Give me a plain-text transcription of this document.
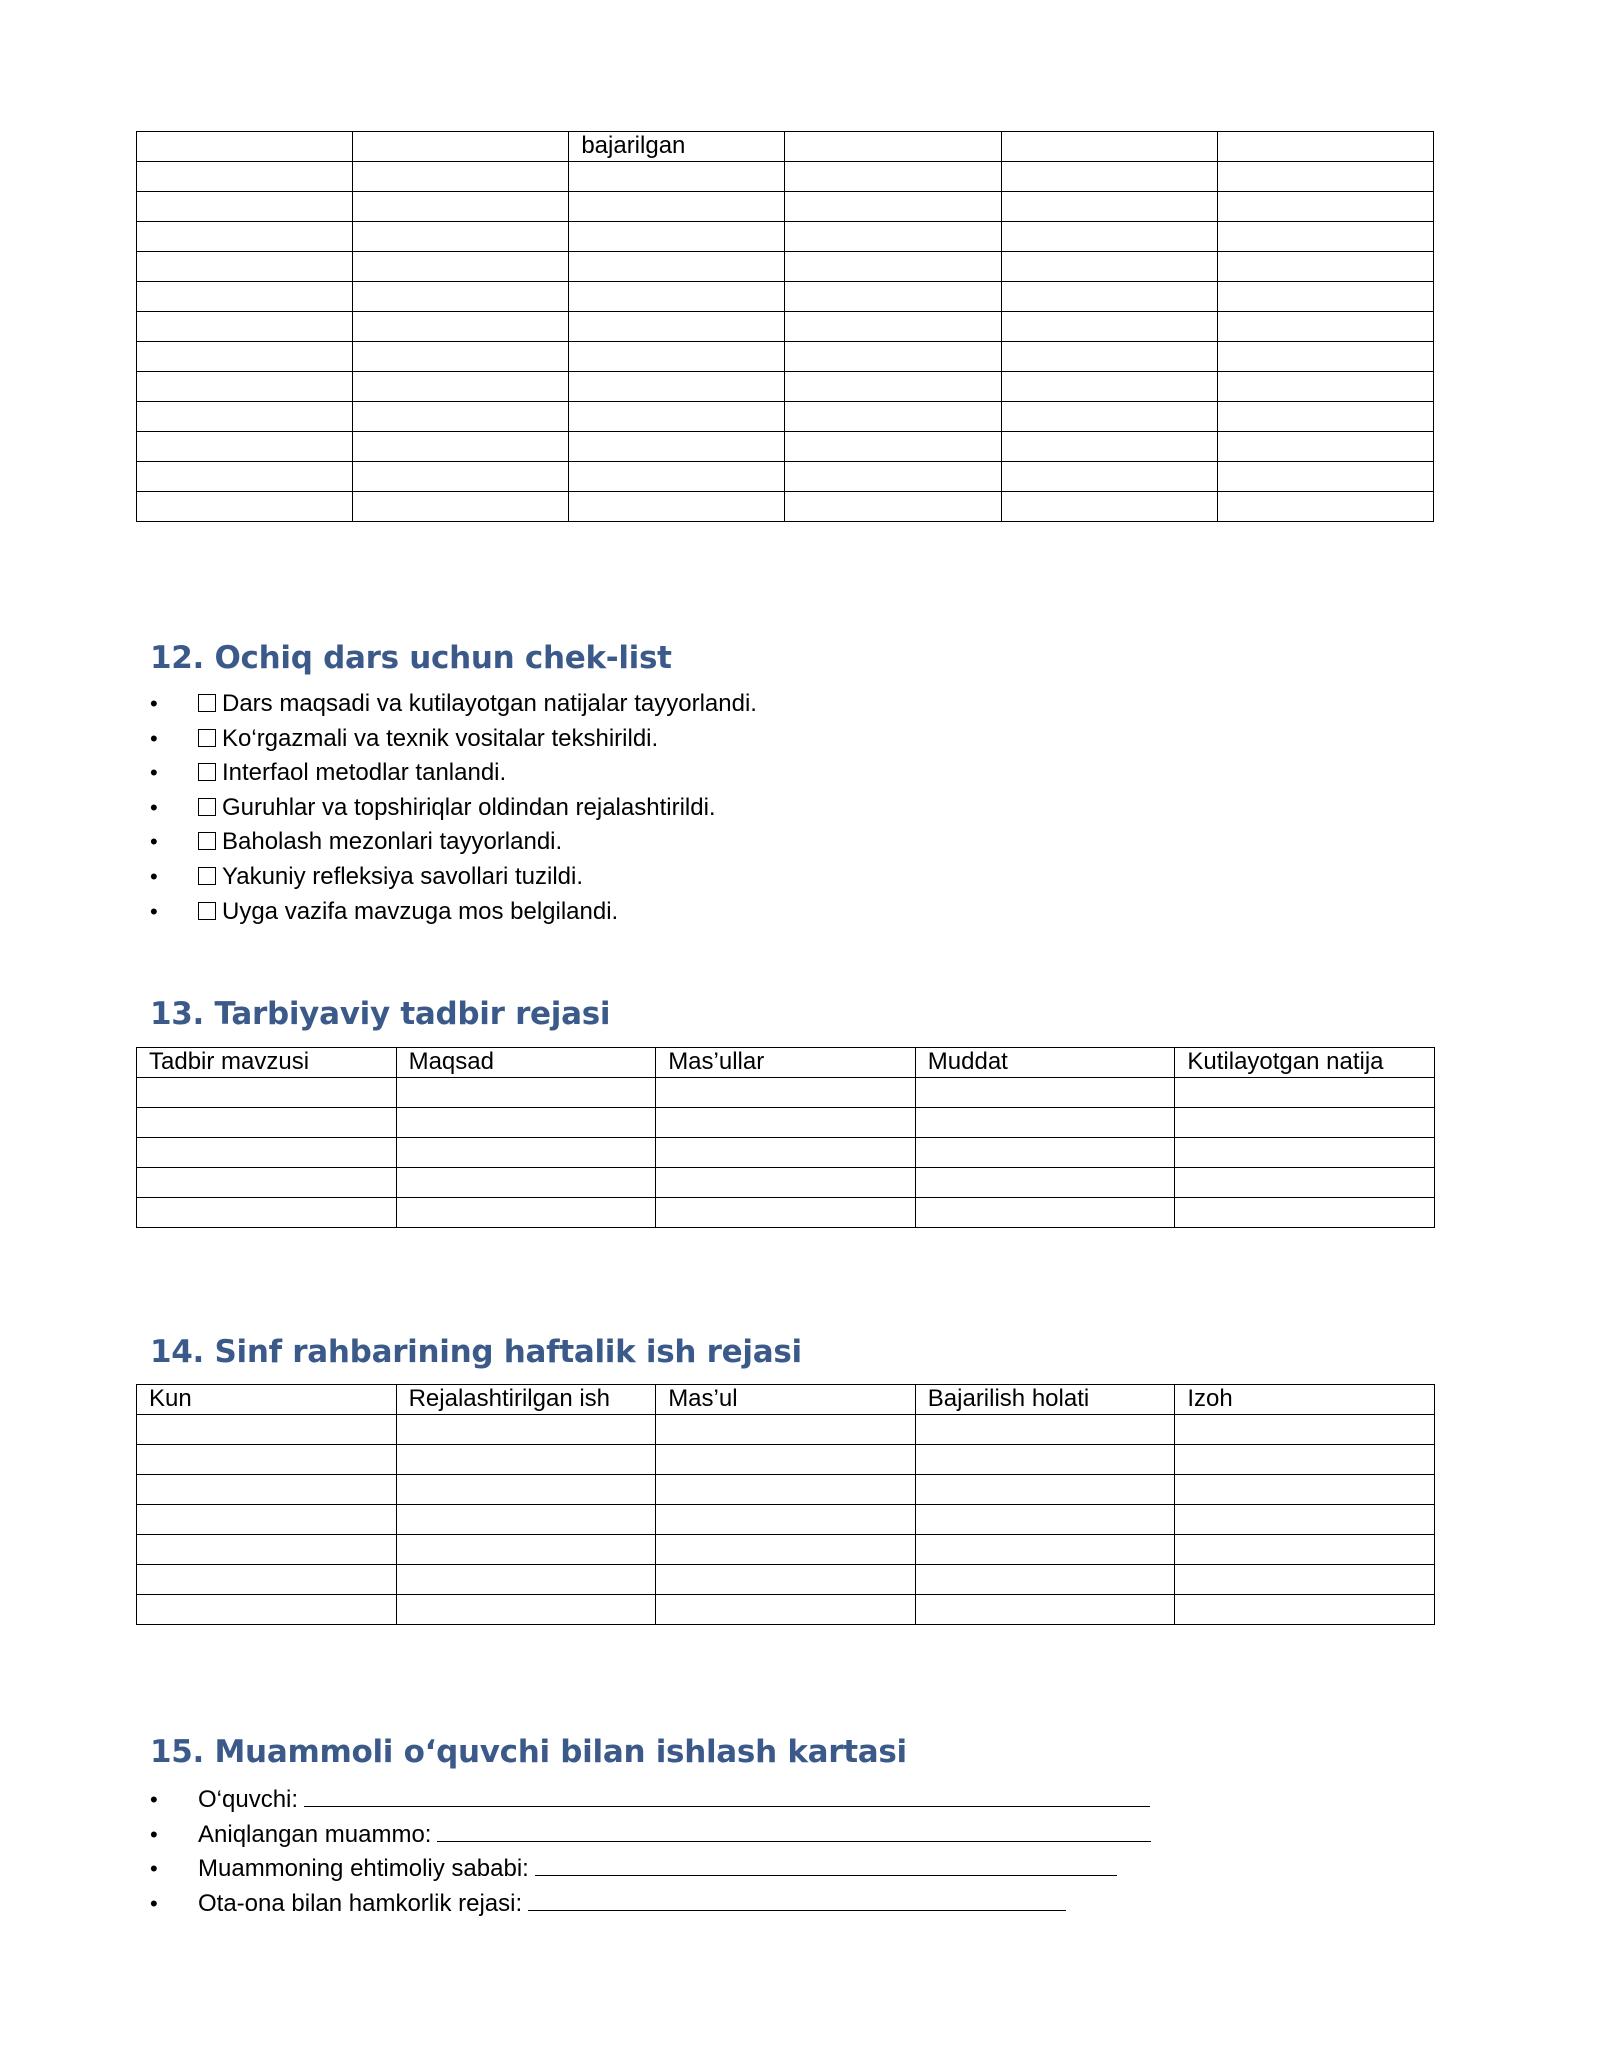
		bajarilgan			

12. Ochiq dars uchun chek-list
•	Dars maqsadi va kutilayotgan natijalar tayyorlandi.
•	Ko‘rgazmali va texnik vositalar tekshirildi.
•	Interfaol metodlar tanlandi.
•	Guruhlar va topshiriqlar oldindan rejalashtirildi.
•	Baholash mezonlari tayyorlandi.
•	Yakuniy refleksiya savollari tuzildi.
•	Uyga vazifa mavzuga mos belgilandi.
13. Tarbiyaviy tadbir rejasi
Tadbir mavzusi	Maqsad	Mas’ullar	Muddat	Kutilayotgan natija

14. Sinf rahbarining haftalik ish rejasi
Kun	Rejalashtirilgan ish	Mas’ul	Bajarilish holati	Izoh

15. Muammoli o‘quvchi bilan ishlash kartasi
• O‘quvchi:
• Aniqlangan muammo:
• Muammoning ehtimoliy sababi:
• Ota-ona bilan hamkorlik rejasi:
